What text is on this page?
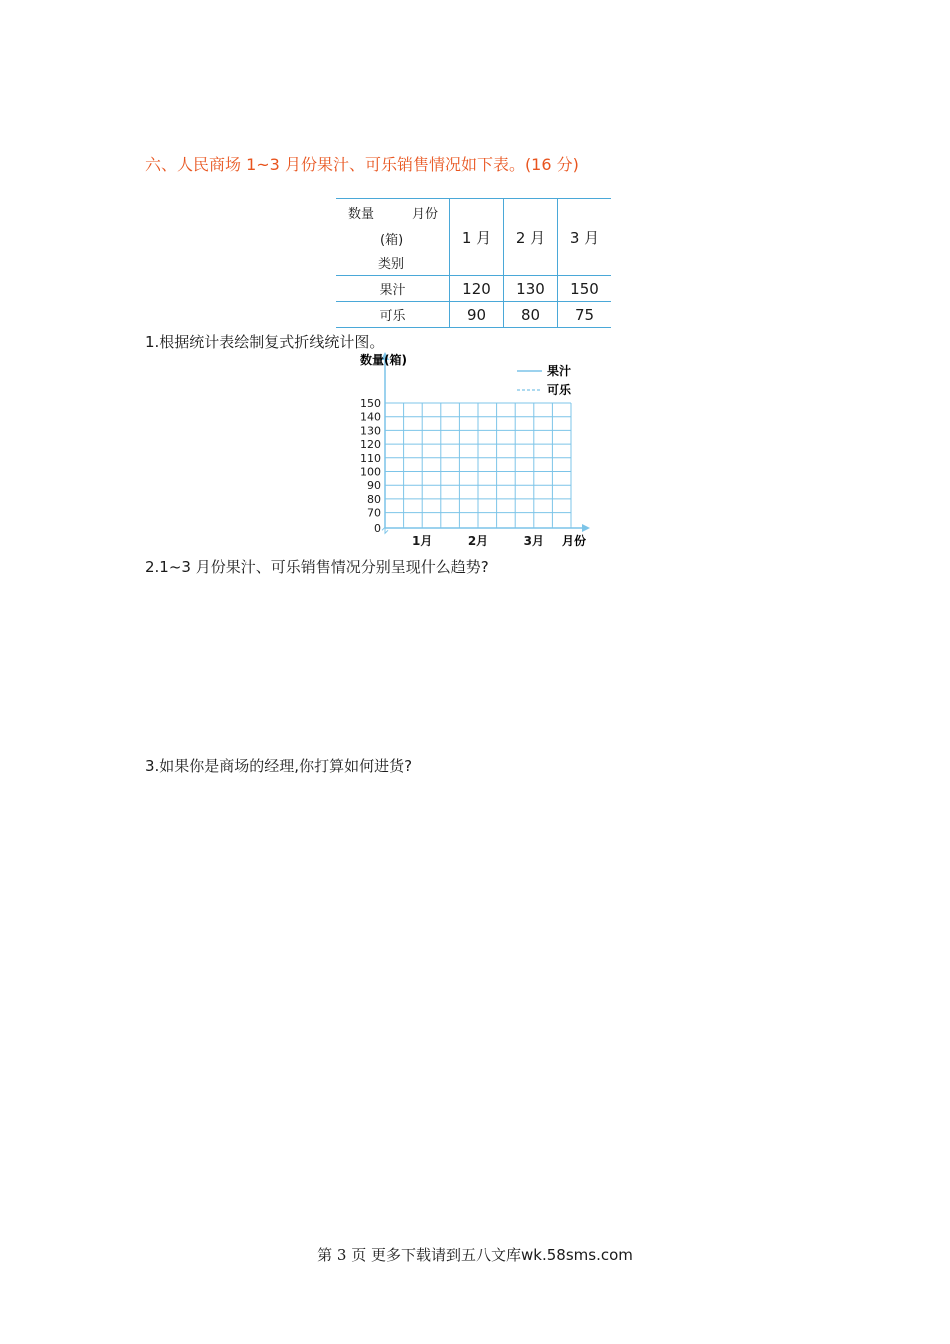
六、人民商场 1~3 月份果汁、可乐销售情况如下表。(16 分)
数量 月份
(箱)
类别	1 月	2 月	3 月
果汁	120	130	150
可乐	90	80	75
1.根据统计表绘制复式折线统计图。
数量(箱)
月份
果汁
可乐
150
140
130
120
110
100
90
80
70
0
1月	2月	3月
2.1~3 月份果汁、可乐销售情况分别呈现什么趋势?
3.如果你是商场的经理,你打算如何进货?
第 3 页 更多下载请到五八文库wk.58sms.com
